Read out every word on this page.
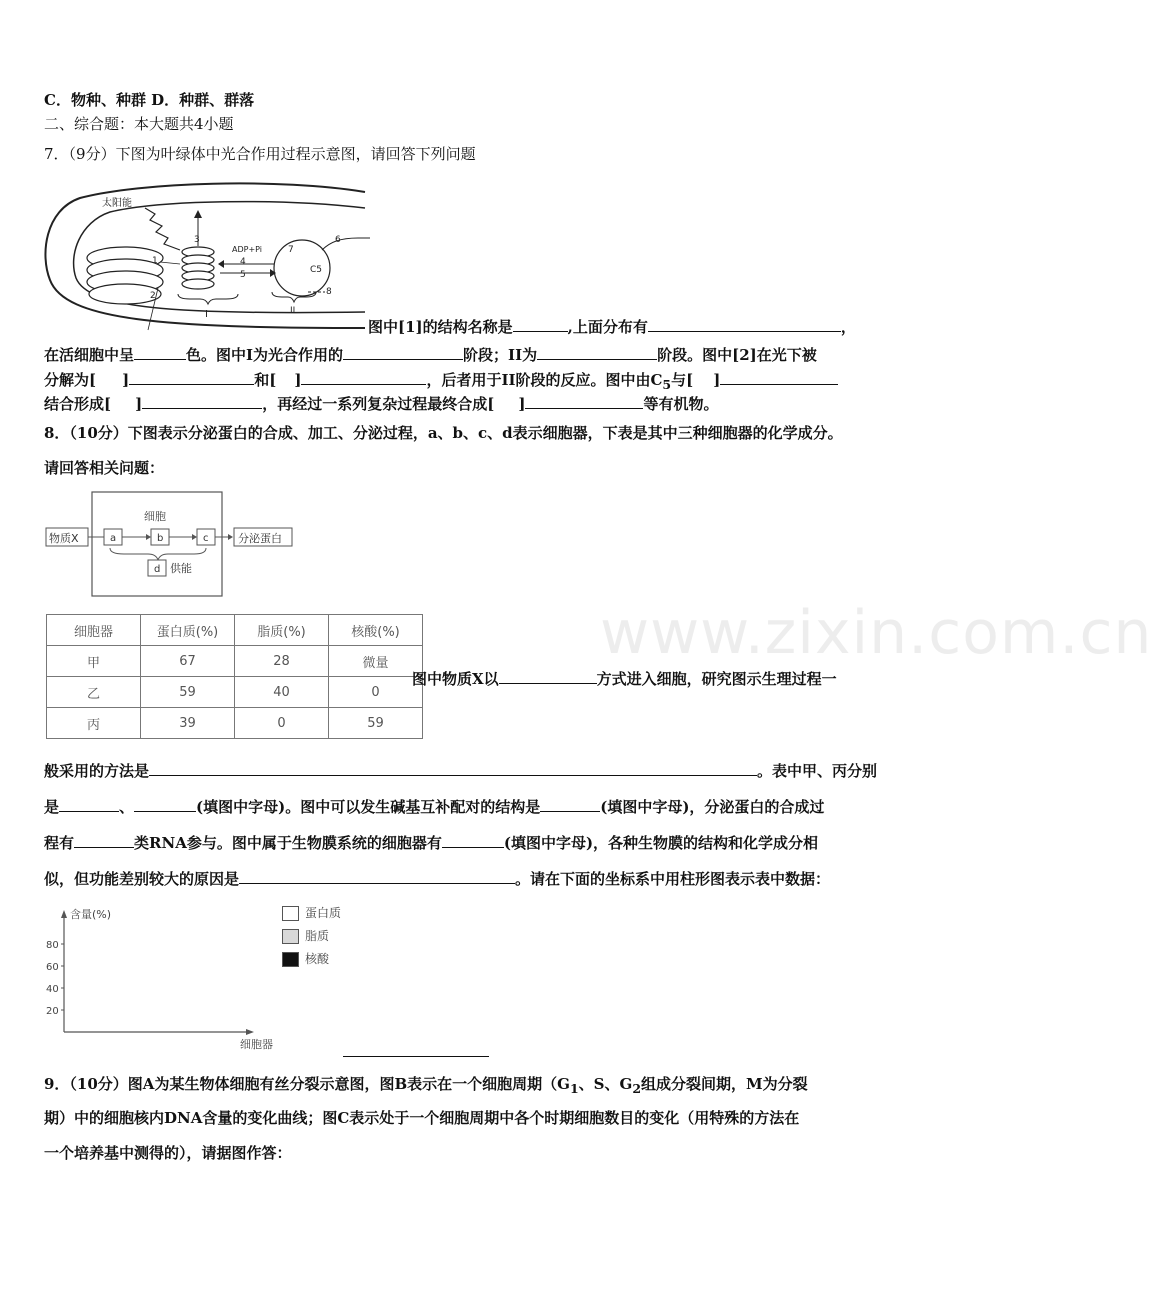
C．物种、种群 D．种群、群落
二、综合题：本大题共4小题
7．（9分）下图为叶绿体中光合作用过程示意图，请回答下列问题
太阳能
3
7
C5
6
8
ADP+Pi
4
5
1
2
I	II
图中[1]的结构名称是	,上面分布有	，
在活细胞中呈	色。图中I为光合作用的	阶段；II为	阶段。图中[2]在光下被
分解为[ ]	和[ ]	，后者用于II阶段的反应。图中由$C_5$与[ ]
结合形成[ ]	，再经过一系列复杂过程最终合成[ ]	等有机物。
8．（10分）下图表示分泌蛋白的合成、加工、分泌过程，a、b、c、d表示细胞器，下表是其中三种细胞器的化学成分。
请回答相关问题：
细胞
物质X	a	b	c	分泌蛋白
d 供能
www.zixin.com.cn
细胞器	蛋白质(%)	脂质(%)	核酸(%)
甲	67	28	微量
乙	59	40	0
丙	39	0	59
图中物质X以	方式进入细胞，研究图示生理过程一
般采用的方法是	。表中甲、丙分别
是	、	(填图中字母)。图中可以发生碱基互补配对的结构是	(填图中字母)，分泌蛋白的合成过
程有	类RNA参与。图中属于生物膜系统的细胞器有	(填图中字母)，各种生物膜的结构和化学成分相
似，但功能差别较大的原因是	。请在下面的坐标系中用柱形图表示表中数据：
含量(%)
细胞器
80
60
40
20
蛋白质
脂质
核酸
9．（10分）图A为某生物体细胞有丝分裂示意图，图B表示在一个细胞周期（$G_1$、S、$G_2$组成分裂间期，M为分裂
期）中的细胞核内DNA含量的变化曲线；图C表示处于一个细胞周期中各个时期细胞数目的变化（用特殊的方法在
一个培养基中测得的），请据图作答：
